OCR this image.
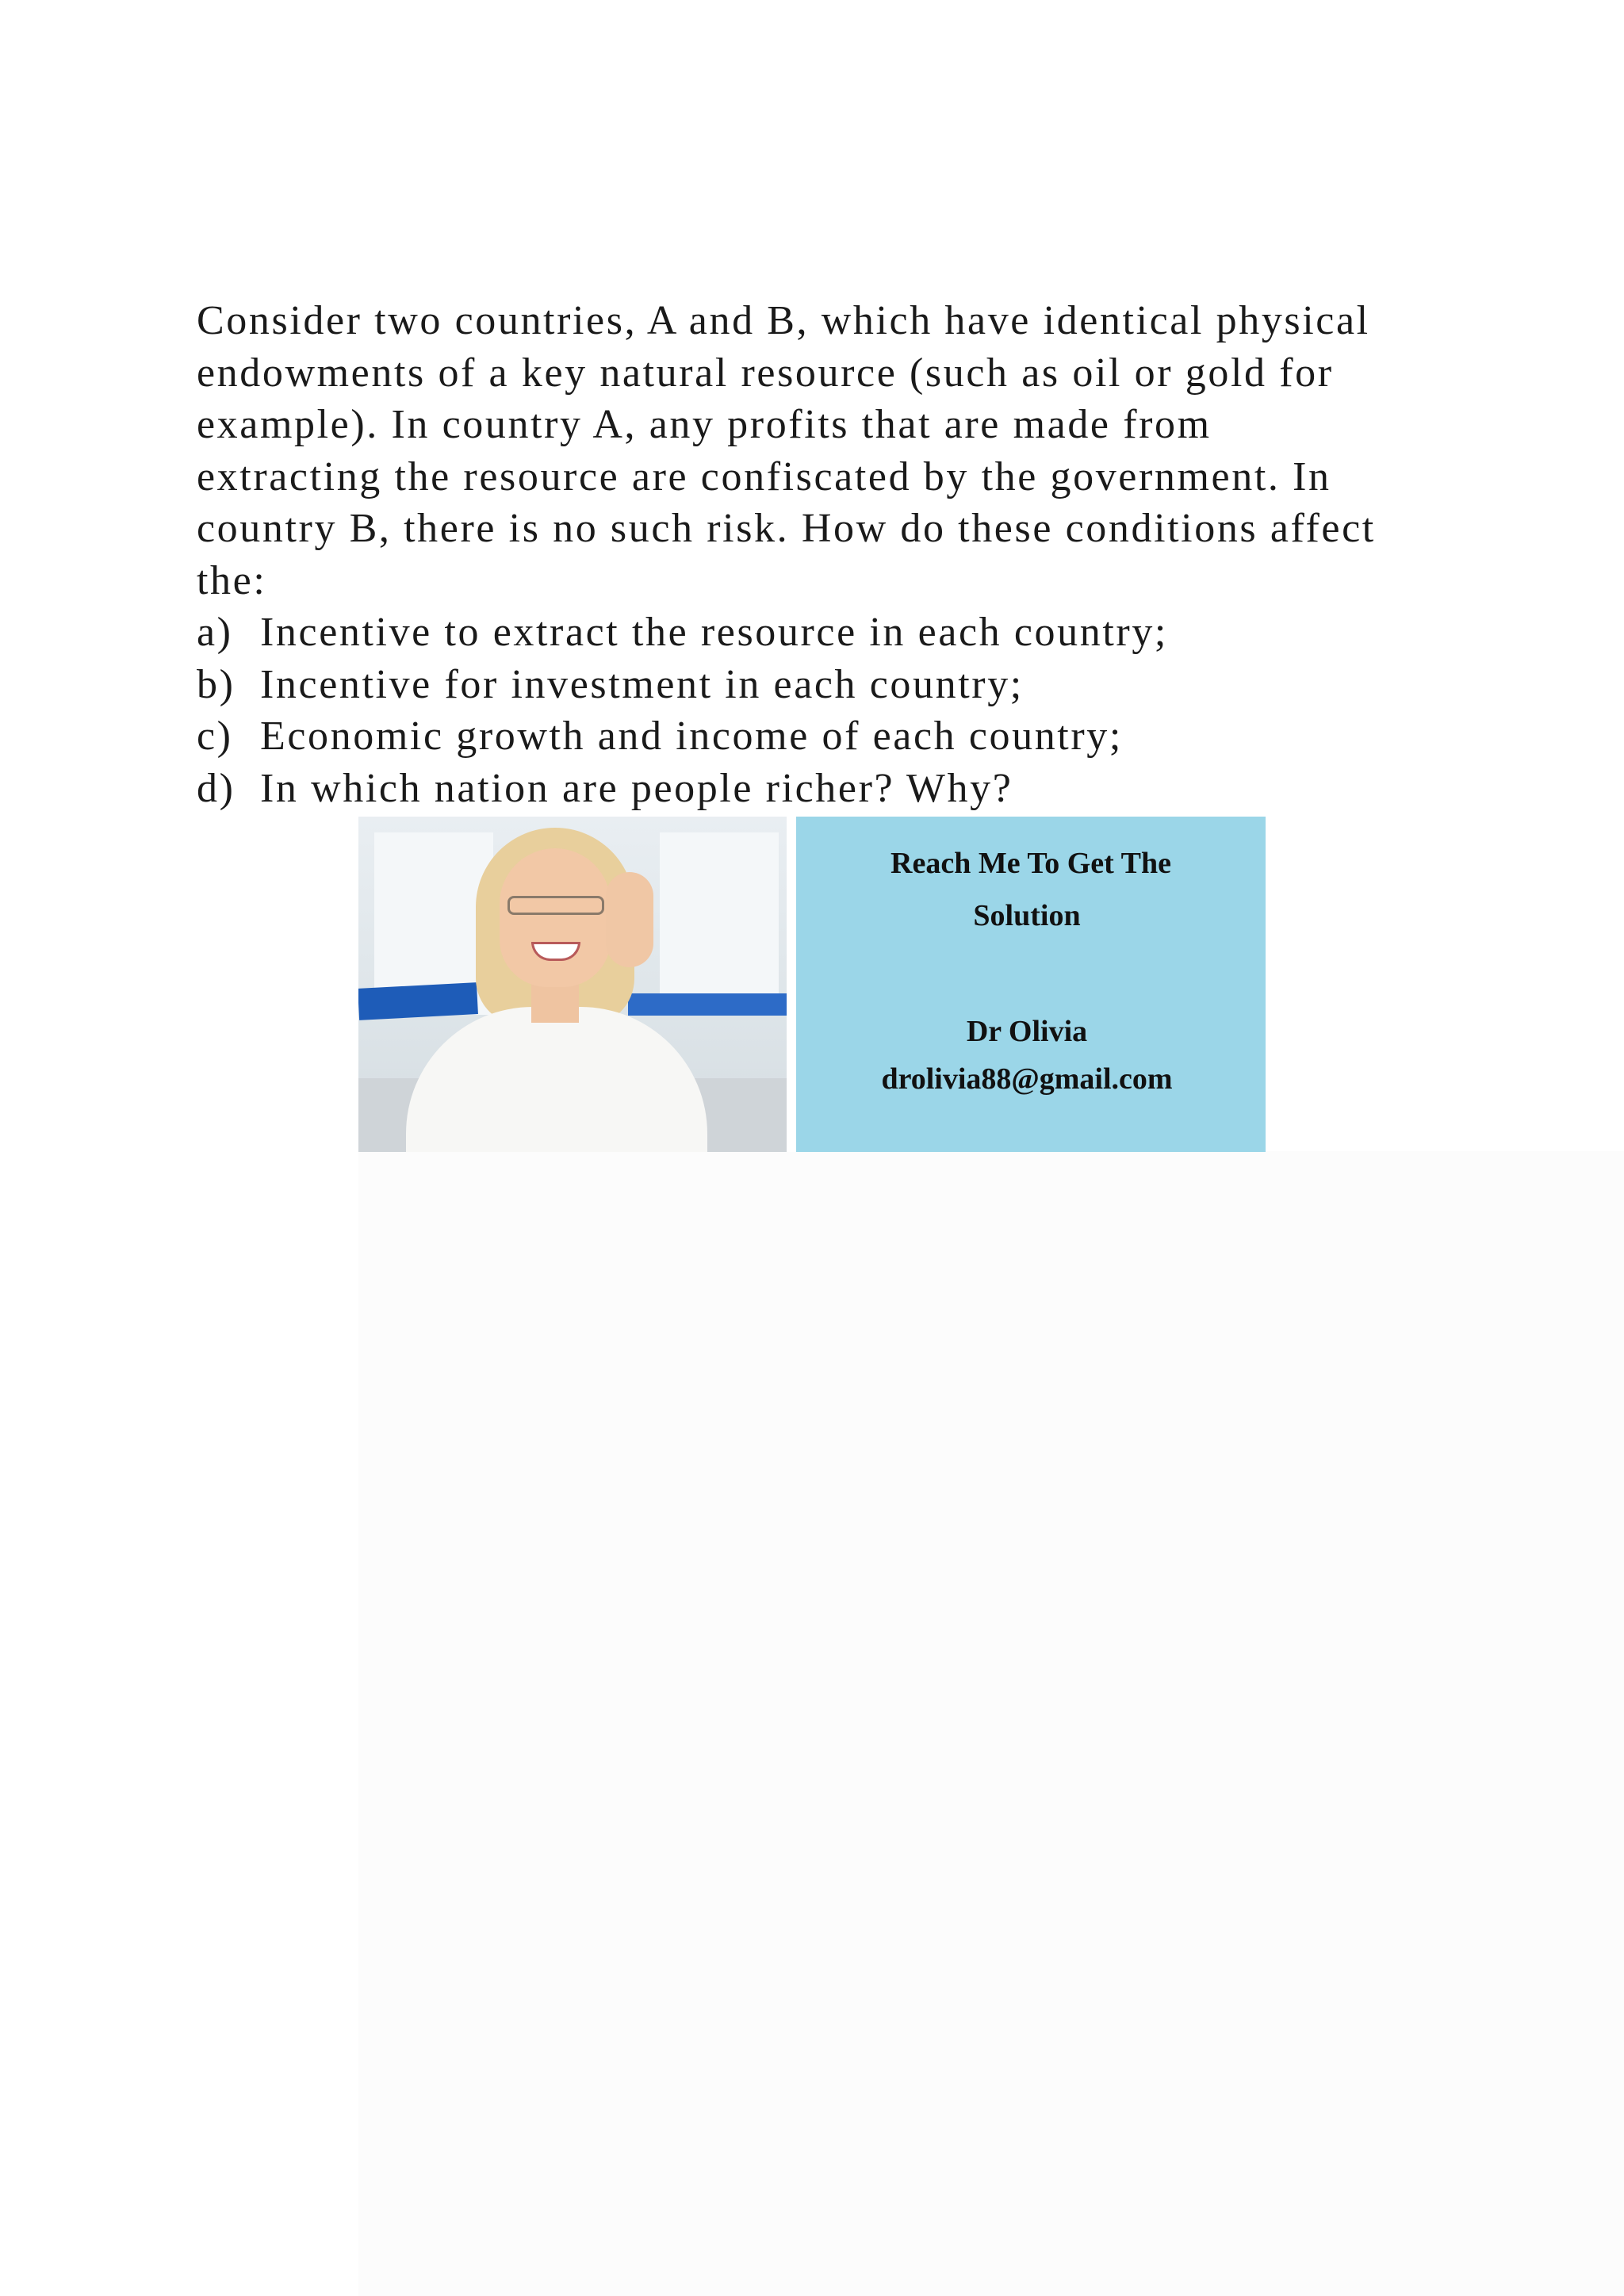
Consider two countries, A and B, which have identical physical

endowments of a key natural resource (such as oil or gold for

example). In country A, any profits that are made from

extracting the resource are confiscated by the government. In

country B, there is no such risk. How do these conditions affect

the:

a) Incentive to extract the resource in each country;
b) Incentive for investment in each country;
c) Economic growth and income of each country;
d) In which nation are people richer? Why?
Reach Me To Get The
Solution
Dr Olivia
drolivia88@gmail.com
